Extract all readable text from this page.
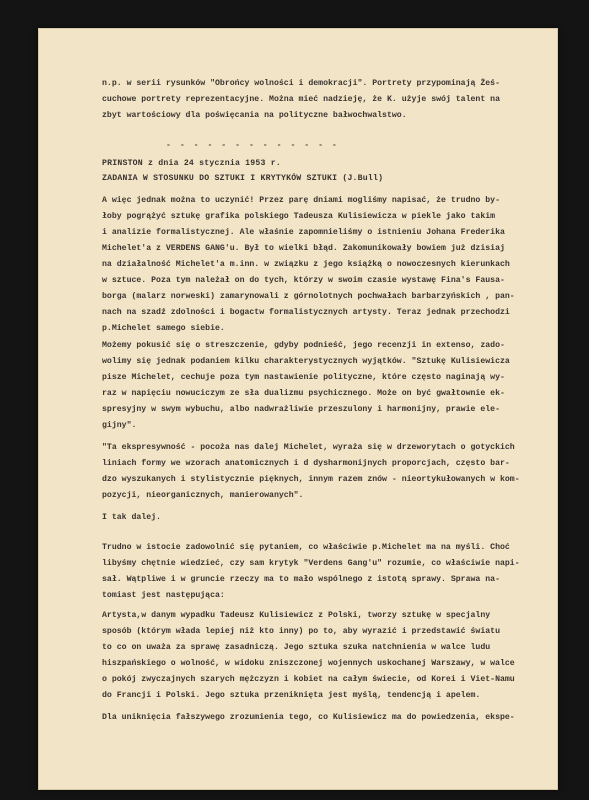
n.p. w serii rysunków "Obrońcy wolności i demokracji". Portrety przypominają Żeś-
cuchowe portrety reprezentacyjne. Można mieć nadzieję, że K. użyje swój talent na
zbyt wartościowy dla poświęcania na polityczne bałwochwalstwo.
- - - - - - - - - - - - -
PRINSTON z dnia 24 stycznia 1953 r.
ZADANIA W STOSUNKU DO SZTUKI I KRYTYKÓW SZTUKI (J.Bull)
A więc jednak można to uczynić! Przez parę dniami mogliśmy napisać, że trudno by-
łoby pogrążyć sztukę grafika polskiego Tadeusza Kulisiewicza w piekle jako takim
i analizie formalistycznej. Ale właśnie zapomnieliśmy o istnieniu Johana Frederika
Michelet'a z VERDENS GANG'u. Był to wielki błąd. Zakomunikowały bowiem już dzisiaj
na działalność Michelet'a m.inn. w związku z jego książką o nowoczesnych kierunkach
w sztuce. Poza tym należał on do tych, którzy w swoim czasie wystawę Fina's Fausa-
borga (malarz norweski) zamarynowali z górnolotnych pochwałach barbarzyńskich , pan-
nach na szadź zdolności i bogactw formalistycznych artysty. Teraz jednak przechodzi
p.Michelet samego siebie.
Możemy pokusić się o streszczenie, gdyby podnieść, jego recenzji in extenso, zado-
wolimy się jednak podaniem kilku charakterystycznych wyjątków. "Sztukę Kulisiewicza
pisze Michelet, cechuje poza tym nastawienie polityczne, które często naginają wy-
raz w napięciu nowuciczym ze sła dualizmu psychicznego. Może on być gwałtownie ek-
spresyjny w swym wybuchu, albo nadwrażliwie przeszulony i harmonijny, prawie ele-
gijny".
"Ta ekspresywność - pocoża nas dalej Michelet, wyraża się w drzeworytach o gotyckich
liniach formy we wzorach anatomicznych i d dysharmonijnych proporcjach, często bar-
dzo wyszukanych i stylistycznie pięknych, innym razem znów - nieortykułowanych w kom-
pozycji, nieorganicznych, manierowanych".
I tak dalej.
Trudno w istocie zadowolnić się pytaniem, co właściwie p.Michelet ma na myśli. Choć
libyśmy chętnie wiedzieć, czy sam krytyk "Verdens Gang'u" rozumie, co właściwie napi-
sał. Wątpliwe i w gruncie rzeczy ma to mało wspólnego z istotą sprawy. Sprawa na-
tomiast jest następująca:
Artysta,w danym wypadku Tadeusz Kulisiewicz z Polski, tworzy sztukę w specjalny
sposób (którym włada lepiej niż kto inny) po to, aby wyrazić i przedstawić światu
to co on uważa za sprawę zasadniczą. Jego sztuka szuka natchnienia w walce ludu
hiszpańskiego o wolność, w widoku zniszczonej wojennych uskochanej Warszawy, w walce
o pokój zwyczajnych szarych mężczyzn i kobiet na całym świecie, od Korei i Viet-Namu
do Francji i Polski. Jego sztuka przeniknięta jest myślą, tendencją i apelem.
Dla uniknięcia fałszywego zrozumienia tego, co Kulisiewicz ma do powiedzenia, ekspe-
